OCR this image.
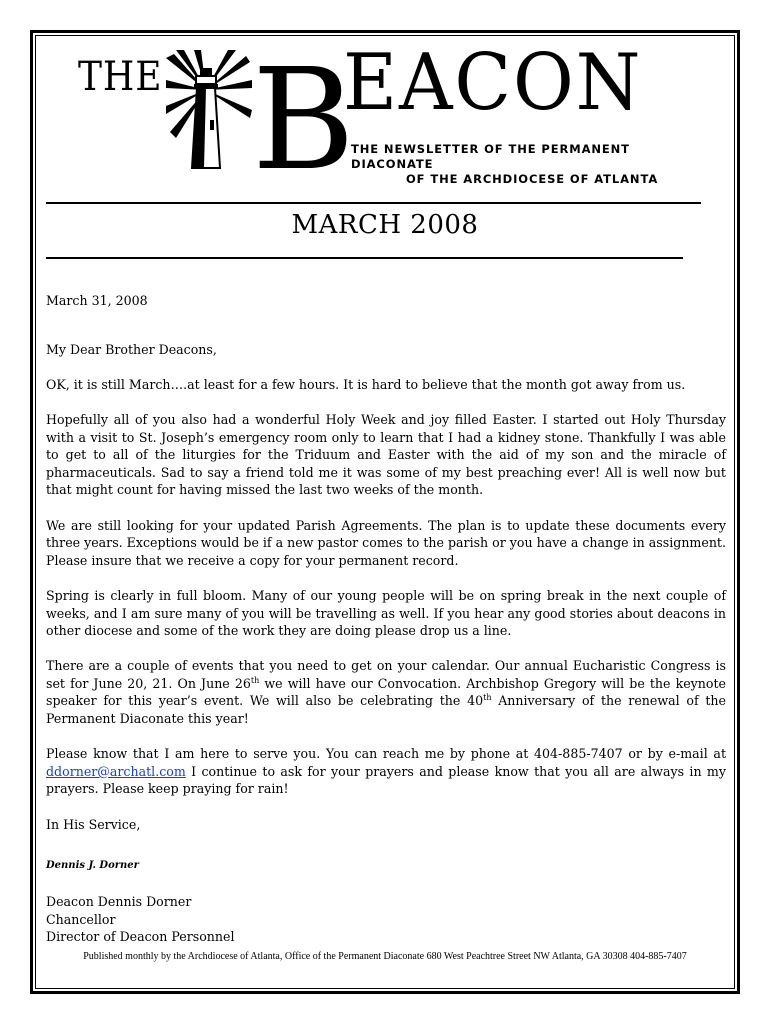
THE B
EACON
THE NEWSLETTER OF THE PERMANENT DIACONATE
OF THE ARCHDIOCESE OF ATLANTA
MARCH 2008

March 31, 2008

My Dear Brother Deacons,

OK, it is still March….at least for a few hours. It is hard to believe that the month got away from us.

Hopefully all of you also had a wonderful Holy Week and joy filled Easter. I started out Holy Thursday with a visit to St. Joseph’s emergency room only to learn that I had a kidney stone. Thankfully I was able to get to all of the liturgies for the Triduum and Easter with the aid of my son and the miracle of pharmaceuticals. Sad to say a friend told me it was some of my best preaching ever! All is well now but that might count for having missed the last two weeks of the month.

We are still looking for your updated Parish Agreements. The plan is to update these documents every three years. Exceptions would be if a new pastor comes to the parish or you have a change in assignment. Please insure that we receive a copy for your permanent record.

Spring is clearly in full bloom. Many of our young people will be on spring break in the next couple of weeks, and I am sure many of you will be travelling as well. If you hear any good stories about deacons in other diocese and some of the work they are doing please drop us a line.

There are a couple of events that you need to get on your calendar. Our annual Eucharistic Congress is set for June 20, 21. On June 26th we will have our Convocation. Archbishop Gregory will be the keynote speaker for this year’s event. We will also be celebrating the 40th Anniversary of the renewal of the Permanent Diaconate this year!

Please know that I am here to serve you. You can reach me by phone at 404-885-7407 or by e-mail at ddorner@archatl.com I continue to ask for your prayers and please know that you all are always in my prayers. Please keep praying for rain!

In His Service,

Dennis J. Dorner
Deacon Dennis Dorner
Chancellor
Director of Deacon Personnel
Published monthly by the Archdiocese of Atlanta, Office of the Permanent Diaconate 680 West Peachtree Street NW Atlanta, GA 30308 404-885-7407
